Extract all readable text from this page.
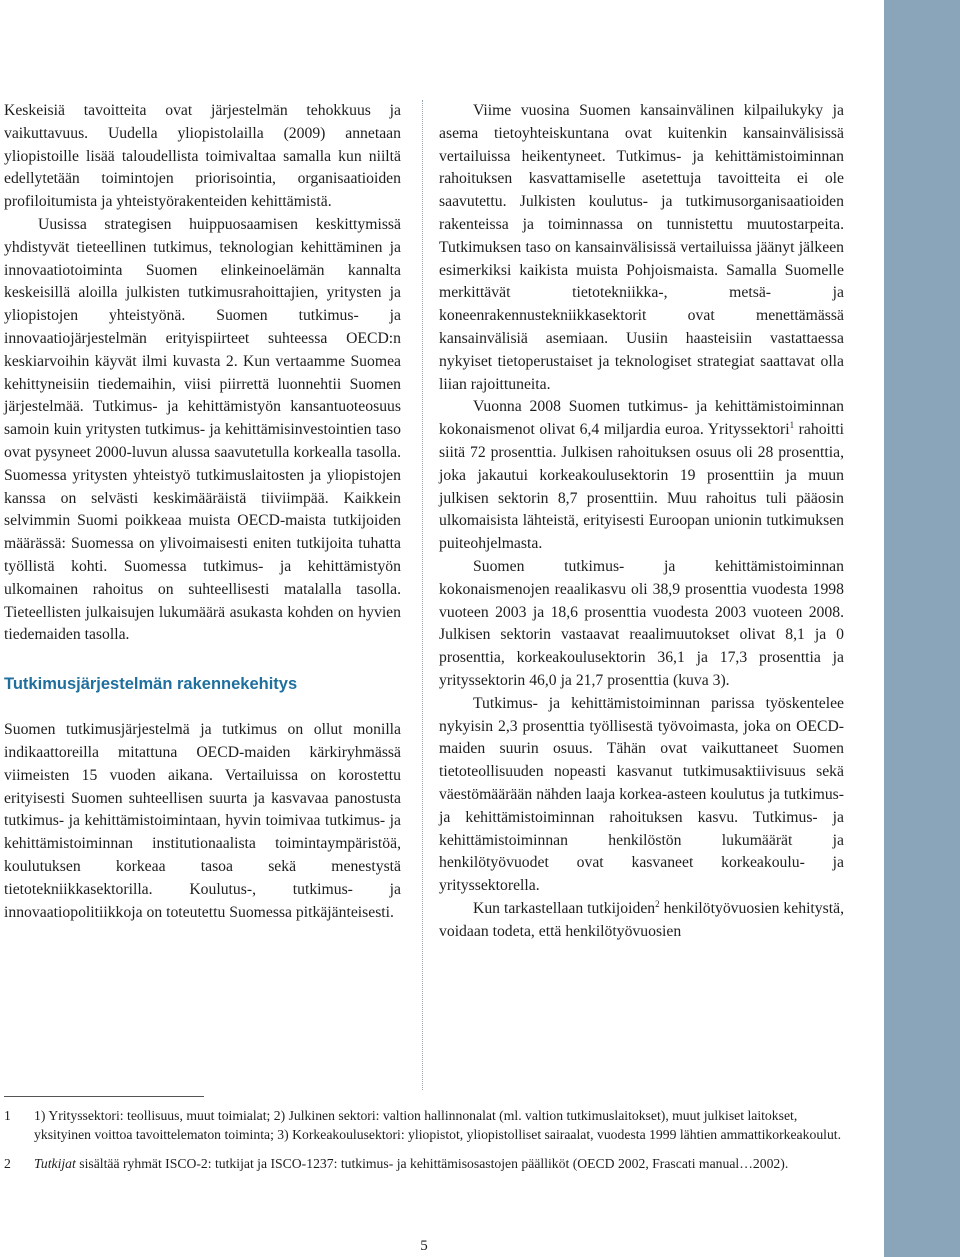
Keskeisiä tavoitteita ovat järjestelmän tehokkuus ja vaikuttavuus. Uudella yliopistolailla (2009) annetaan yliopistoille lisää taloudellista toimivaltaa samalla kun niiltä edellytetään toimintojen priorisointia, organisaatioiden profiloitumista ja yhteistyörakenteiden kehittämistä.

Uusissa strategisen huippuosaamisen keskittymissä yhdistyvät tieteellinen tutkimus, teknologian kehittäminen ja innovaatiotoiminta Suomen elinkeinoelämän kannalta keskeisillä aloilla julkisten tutkimusrahoittajien, yritysten ja yliopistojen yhteistyönä. Suomen tutkimus- ja innovaatiojärjestelmän erityispiirteet suhteessa OECD:n keskiarvoihin käyvät ilmi kuvasta 2. Kun vertaamme Suomea kehittyneisiin tiedemaihin, viisi piirrettä luonnehtii Suomen järjestelmää. Tutkimus- ja kehittämistyön kansantuoteosuus samoin kuin yritysten tutkimus- ja kehittämisinvestointien taso ovat pysyneet 2000-luvun alussa saavutetulla korkealla tasolla. Suomessa yritysten yhteistyö tutkimuslaitosten ja yliopistojen kanssa on selvästi keskimääräistä tiiviimpää. Kaikkein selvimmin Suomi poikkeaa muista OECD-maista tutkijoiden määrässä: Suomessa on ylivoimaisesti eniten tutkijoita tuhatta työllistä kohti. Suomessa tutkimus- ja kehittämistyön ulkomainen rahoitus on suhteellisesti matalalla tasolla. Tieteellisten julkaisujen lukumäärä asukasta kohden on hyvien tiedemaiden tasolla.

Tutkimusjärjestelmän rakennekehitys

Suomen tutkimusjärjestelmä ja tutkimus on ollut monilla indikaattoreilla mitattuna OECD-maiden kärkiryhmässä viimeisten 15 vuoden aikana. Vertailuissa on korostettu erityisesti Suomen suhteellisen suurta ja kasvavaa panostusta tutkimus- ja kehittämistoimintaan, hyvin toimivaa tutkimus- ja kehittämistoiminnan institutionaalista toimintaympäristöä, koulutuksen korkeaa tasoa sekä menestystä tietotekniikkasektorilla. Koulutus-, tutkimus- ja innovaatiopolitiikkoja on toteutettu Suomessa pitkäjänteisesti.

Viime vuosina Suomen kansainvälinen kilpailukyky ja asema tietoyhteiskuntana ovat kuitenkin kansainvälisissä vertailuissa heikentyneet. Tutkimus- ja kehittämistoiminnan rahoituksen kasvattamiselle asetettuja tavoitteita ei ole saavutettu. Julkisten koulutus- ja tutkimusorganisaatioiden rakenteissa ja toiminnassa on tunnistettu muutostarpeita. Tutkimuksen taso on kansainvälisissä vertailuissa jäänyt jälkeen esimerkiksi kaikista muista Pohjoismaista. Samalla Suomelle merkittävät tietotekniikka-, metsä- ja koneenrakennustekniikkasektorit ovat menettämässä kansainvälisiä asemiaan. Uusiin haasteisiin vastattaessa nykyiset tietoperustaiset ja teknologiset strategiat saattavat olla liian rajoittuneita.

Vuonna 2008 Suomen tutkimus- ja kehittämistoiminnan kokonaismenot olivat 6,4 miljardia euroa. Yrityssektori$^1$ rahoitti siitä 72 prosenttia. Julkisen rahoituksen osuus oli 28 prosenttia, joka jakautui korkeakoulusektorin 19 prosenttiin ja muun julkisen sektorin 8,7 prosenttiin. Muu rahoitus tuli pääosin ulkomaisista lähteistä, erityisesti Euroopan unionin tutkimuksen puiteohjelmasta.

Suomen tutkimus- ja kehittämistoiminnan kokonaismenojen reaalikasvu oli 38,9 prosenttia vuodesta 1998 vuoteen 2003 ja 18,6 prosenttia vuodesta 2003 vuoteen 2008. Julkisen sektorin vastaavat reaalimuutokset olivat 8,1 ja 0 prosenttia, korkeakoulusektorin 36,1 ja 17,3 prosenttia ja yrityssektorin 46,0 ja 21,7 prosenttia (kuva 3).

Tutkimus- ja kehittämistoiminnan parissa työskentelee nykyisin 2,3 prosenttia työllisestä työvoimasta, joka on OECD-maiden suurin osuus. Tähän ovat vaikuttaneet Suomen tietoteollisuuden nopeasti kasvanut tutkimusaktiivisuus sekä väestömäärään nähden laaja korkea-asteen koulutus ja tutkimus- ja kehittämistoiminnan rahoituksen kasvu. Tutkimus- ja kehittämistoiminnan henkilöstön lukumäärät ja henkilötyövuodet ovat kasvaneet korkeakoulu- ja yrityssektorella.

Kun tarkastellaan tutkijoiden$^2$ henkilötyövuosien kehitystä, voidaan todeta, että henkilötyövuosien

1	1) Yrityssektori: teollisuus, muut toimialat; 2) Julkinen sektori: valtion hallinnonalat (ml. valtion tutkimuslaitokset), muut julkiset laitokset, yksityinen voittoa tavoittelematon toiminta; 3) Korkeakoulusektori: yliopistot, yliopistolliset sairaalat, vuodesta 1999 lähtien ammattikorkeakoulut.
2	Tutkijat sisältää ryhmät ISCO-2: tutkijat ja ISCO-1237: tutkimus- ja kehittämisosastojen päälliköt (OECD 2002, Frascati manual…2002).
5
